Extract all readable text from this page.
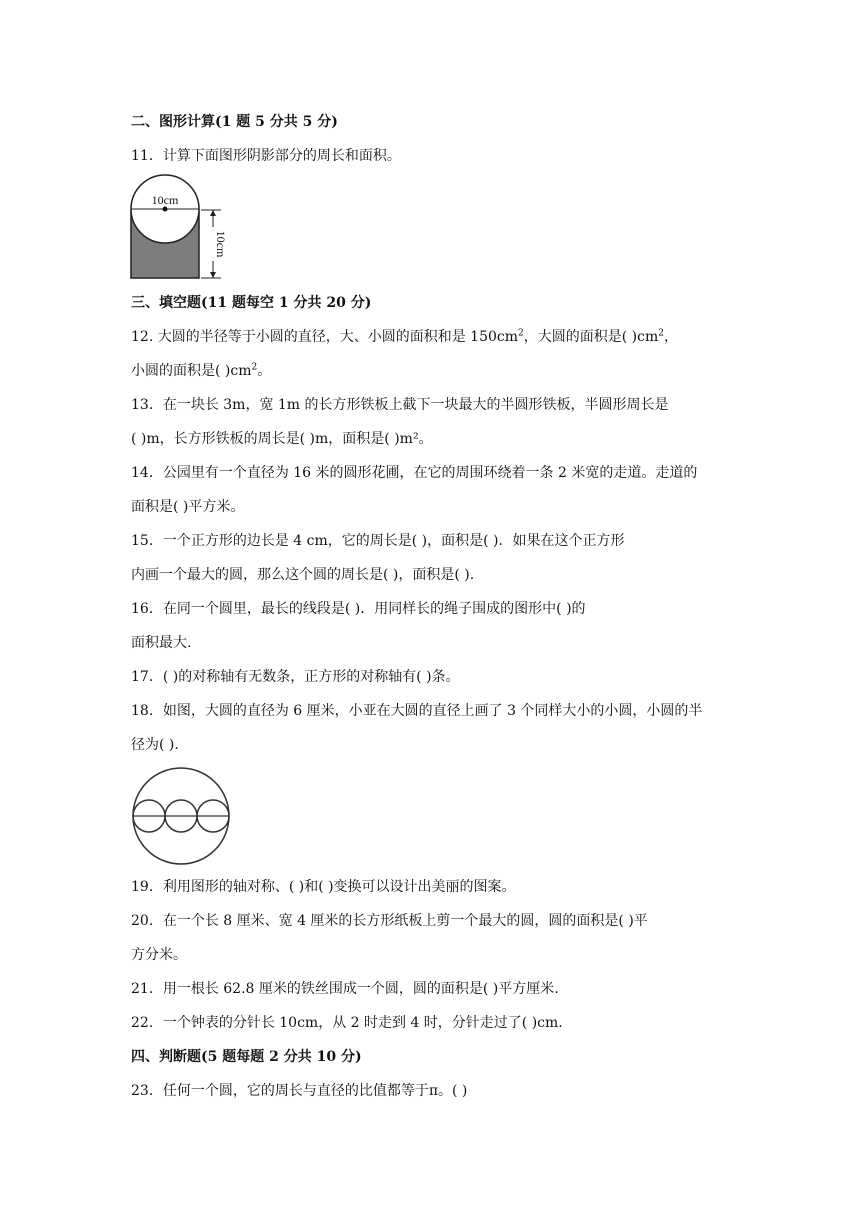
二、图形计算(1 题 5 分共 5 分)
11．计算下面图形阴影部分的周长和面积。
10cm
10cm
三、填空题(11 题每空 1 分共 20 分)
12. 大圆的半径等于小圆的直径，大、小圆的面积和是 $150cm^2$，大圆的面积是( )$cm^2$，
小圆的面积是( )$cm^2$。
13．在一块长 3m，宽 1m 的长方形铁板上截下一块最大的半圆形铁板，半圆形周长是
( )m，长方形铁板的周长是( )m，面积是( )m²。
14．公园里有一个直径为 16 米的圆形花圃，在它的周围环绕着一条 2 米宽的走道。走道的
面积是( )平方米。
15．一个正方形的边长是 4 cm，它的周长是( )，面积是( )．如果在这个正方形
内画一个最大的圆，那么这个圆的周长是( )，面积是( ).
16．在同一个圆里，最长的线段是( )．用同样长的绳子围成的图形中( )的
面积最大.
17．( )的对称轴有无数条，正方形的对称轴有( )条。
18．如图，大圆的直径为 6 厘米，小亚在大圆的直径上画了 3 个同样大小的小圆，小圆的半
径为( ).
19．利用图形的轴对称、( )和( )变换可以设计出美丽的图案。
20．在一个长 8 厘米、宽 4 厘米的长方形纸板上剪一个最大的圆，圆的面积是( )平
方分米。
21．用一根长 62.8 厘米的铁丝围成一个圆，圆的面积是( )平方厘米.
22．一个钟表的分针长 10cm，从 2 时走到 4 时，分针走过了( )cm.
四、判断题(5 题每题 2 分共 10 分)
23．任何一个圆，它的周长与直径的比值都等于π。( )
